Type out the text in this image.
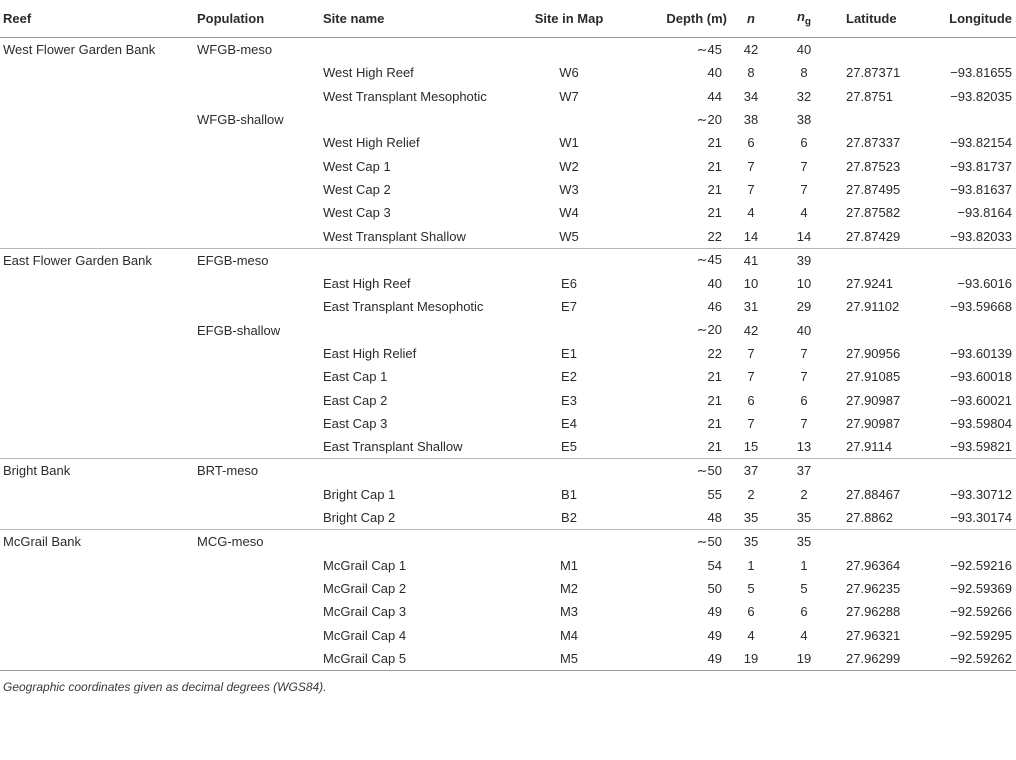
Reef	Population	Site name	Site in Map	Depth (m)	n	$n_g$	Latitude	Longitude
West Flower Garden Bank	WFGB-meso			∼45	42	40		
		West High Reef	W6	40	8	8	27.87371	−93.81655
		West Transplant Mesophotic	W7	44	34	32	27.8751	−93.82035
	WFGB-shallow			∼20	38	38		
		West High Relief	W1	21	6	6	27.87337	−93.82154
		West Cap 1	W2	21	7	7	27.87523	−93.81737
		West Cap 2	W3	21	7	7	27.87495	−93.81637
		West Cap 3	W4	21	4	4	27.87582	−93.8164
		West Transplant Shallow	W5	22	14	14	27.87429	−93.82033
East Flower Garden Bank	EFGB-meso			∼45	41	39		
		East High Reef	E6	40	10	10	27.9241	−93.6016
		East Transplant Mesophotic	E7	46	31	29	27.91102	−93.59668
	EFGB-shallow			∼20	42	40		
		East High Relief	E1	22	7	7	27.90956	−93.60139
		East Cap 1	E2	21	7	7	27.91085	−93.60018
		East Cap 2	E3	21	6	6	27.90987	−93.60021
		East Cap 3	E4	21	7	7	27.90987	−93.59804
		East Transplant Shallow	E5	21	15	13	27.9114	−93.59821
Bright Bank	BRT-meso			∼50	37	37		
		Bright Cap 1	B1	55	2	2	27.88467	−93.30712
		Bright Cap 2	B2	48	35	35	27.8862	−93.30174
McGrail Bank	MCG-meso			∼50	35	35		
		McGrail Cap 1	M1	54	1	1	27.96364	−92.59216
		McGrail Cap 2	M2	50	5	5	27.96235	−92.59369
		McGrail Cap 3	M3	49	6	6	27.96288	−92.59266
		McGrail Cap 4	M4	49	4	4	27.96321	−92.59295
		McGrail Cap 5	M5	49	19	19	27.96299	−92.59262
Geographic coordinates given as decimal degrees (WGS84).
